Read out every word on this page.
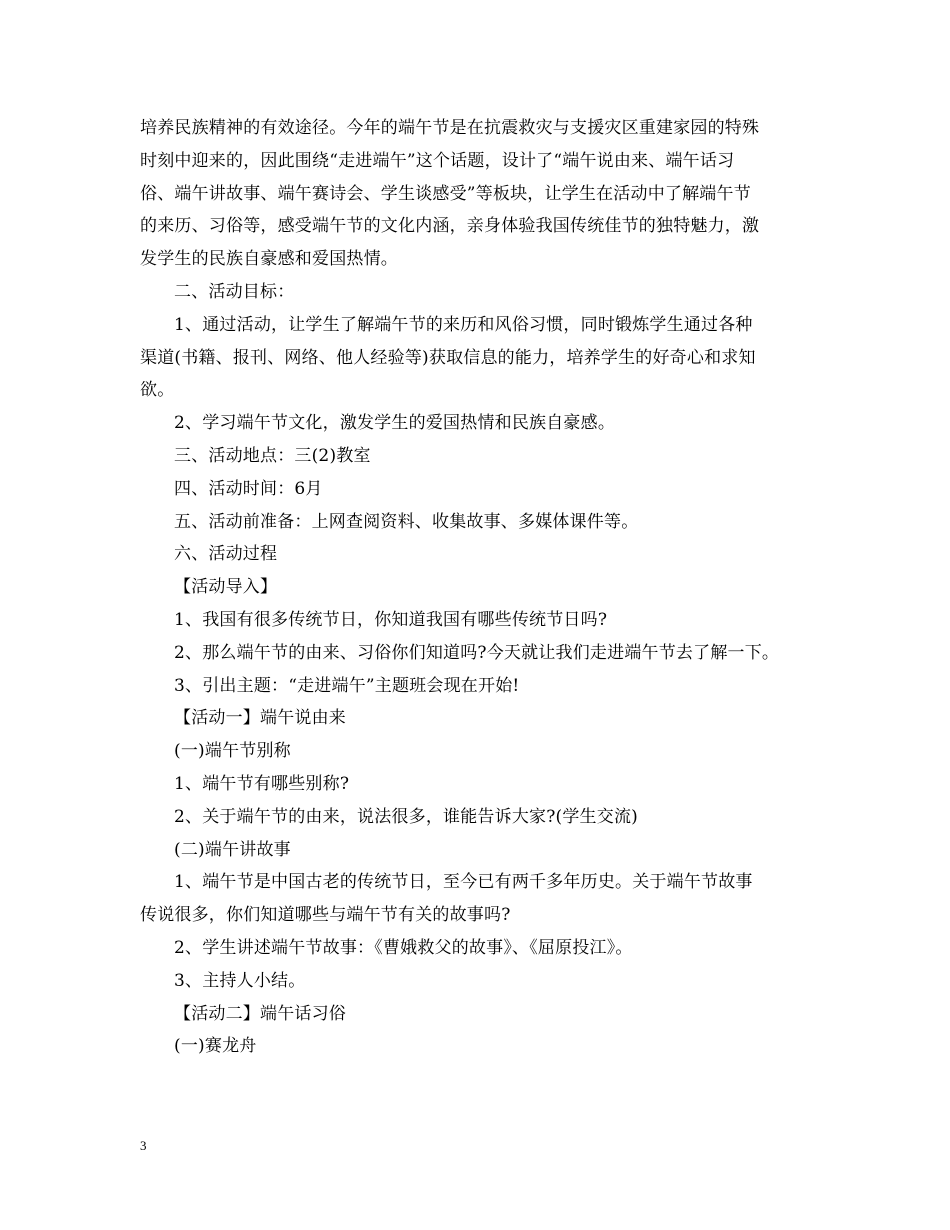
培养民族精神的有效途径。今年的端午节是在抗震救灾与支援灾区重建家园的特殊
时刻中迎来的，因此围绕“走进端午”这个话题，设计了“端午说由来、端午话习
俗、端午讲故事、端午赛诗会、学生谈感受”等板块，让学生在活动中了解端午节
的来历、习俗等，感受端午节的文化内涵，亲身体验我国传统佳节的独特魅力，激
发学生的民族自豪感和爱国热情。
二、活动目标：
1、通过活动，让学生了解端午节的来历和风俗习惯，同时锻炼学生通过各种
渠道(书籍、报刊、网络、他人经验等)获取信息的能力，培养学生的好奇心和求知
欲。
2、学习端午节文化，激发学生的爱国热情和民族自豪感。
三、活动地点：三(2)教室
四、活动时间：6月
五、活动前准备：上网查阅资料、收集故事、多媒体课件等。
六、活动过程
【活动导入】
1、我国有很多传统节日，你知道我国有哪些传统节日吗?
2、那么端午节的由来、习俗你们知道吗?今天就让我们走进端午节去了解一下。
3、引出主题：“走进端午”主题班会现在开始!
【活动一】端午说由来
(一)端午节别称
1、端午节有哪些别称?
2、关于端午节的由来，说法很多，谁能告诉大家?(学生交流)
(二)端午讲故事
1、端午节是中国古老的传统节日，至今已有两千多年历史。关于端午节故事
传说很多，你们知道哪些与端午节有关的故事吗?
2、学生讲述端午节故事：《曹娥救父的故事》、《屈原投江》。
3、主持人小结。
【活动二】端午话习俗
(一)赛龙舟
3
